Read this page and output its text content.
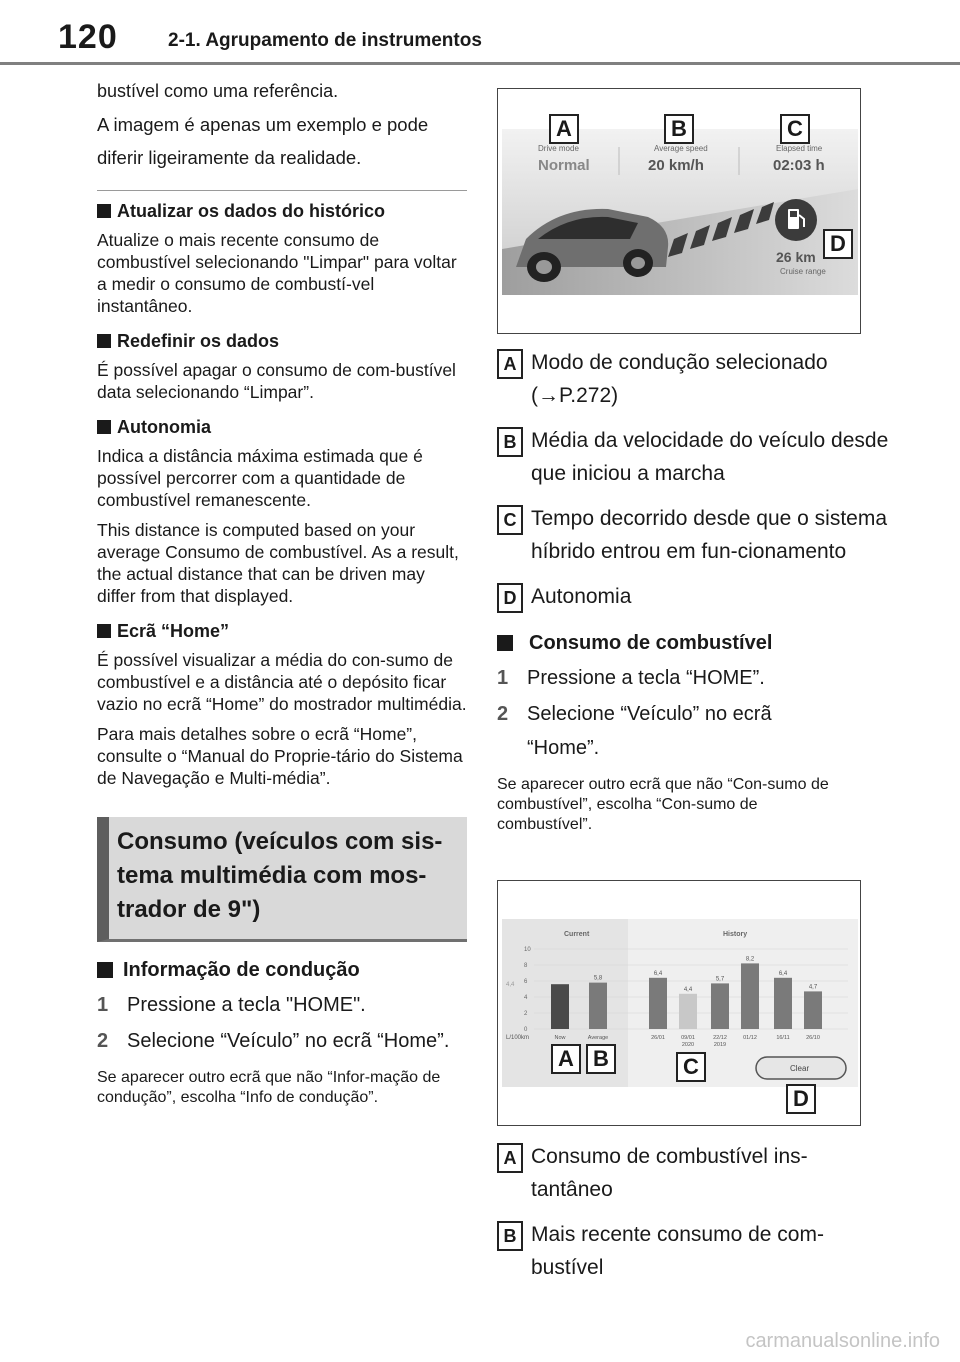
120	2-1. Agrupamento de instrumentos

bustível como uma referência.

A imagem é apenas um exemplo e pode diferir ligeiramente da realidade.

Atualizar os dados do histórico

Atualize o mais recente consumo de combustível selecionando "Limpar" para voltar a medir o consumo de combustí-vel instantâneo.

Redefinir os dados

É possível apagar o consumo de com-bustível data selecionando “Limpar”.

Autonomia

Indica a distância máxima estimada que é possível percorrer com a quantidade de combustível remanescente.

This distance is computed based on your average Consumo de combustível. As a result, the actual distance that can be driven may differ from that displayed.

Ecrã “Home”

É possível visualizar a média do con-sumo de combustível e a distância até o depósito ficar vazio no ecrã “Home” do mostrador multimédia.

Para mais detalhes sobre o ecrã “Home”, consulte o “Manual do Proprie-tário do Sistema de Navegação e Multi-média”.

Consumo (veículos com sis-
tema multimédia com mos-
trador de 9")
Informação de condução
1 Pressione a tecla "HOME".
2 Selecione “Veículo” no ecrã “Home”.

Se aparecer outro ecrã que não “Infor-mação de condução”, escolha “Info de condução”.

Drive mode
Normal
Average speed
20 km/h
Elapsed time
02:03 h
26 km
Cruise range
A	B	C
D
A Modo de condução selecionado (→P.272)
B Média da velocidade do veículo desde que iniciou a marcha
C Tempo decorrido desde que o sistema híbrido entrou em fun-cionamento
D Autonomia
Consumo de combustível
1 Pressione a tecla “HOME”.
2 Selecione “Veículo” no ecrã “Home”.

Se aparecer outro ecrã que não “Con-sumo de combustível”, escolha “Con-sumo de combustível”.

10
8
6
4
2
0
5,8
6,4
4,4
5,7
8,2
6,4
4,7
Now	Average	26/01	09/01
2020
22/12
2019
01/12	16/11	26/10
4,4
L/100km
Current	History
Clear
A B	C
D
A Consumo de combustível ins-tantâneo
B Mais recente consumo de com-bustível
carmanualsonline.info
